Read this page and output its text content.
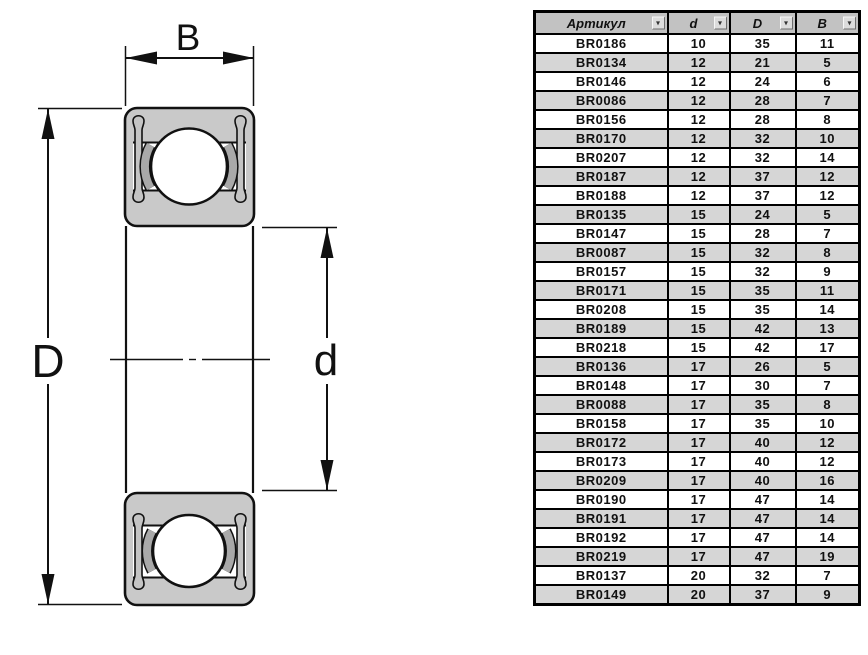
B
D	d
Артикул ▾	d ▾	D ▾	B ▾

BR0186	10	35	11
BR0134	12	21	5
BR0146	12	24	6
BR0086	12	28	7
BR0156	12	28	8
BR0170	12	32	10
BR0207	12	32	14
BR0187	12	37	12
BR0188	12	37	12
BR0135	15	24	5
BR0147	15	28	7
BR0087	15	32	8
BR0157	15	32	9
BR0171	15	35	11
BR0208	15	35	14
BR0189	15	42	13
BR0218	15	42	17
BR0136	17	26	5
BR0148	17	30	7
BR0088	17	35	8
BR0158	17	35	10
BR0172	17	40	12
BR0173	17	40	12
BR0209	17	40	16
BR0190	17	47	14
BR0191	17	47	14
BR0192	17	47	14
BR0219	17	47	19
BR0137	20	32	7
BR0149	20	37	9
